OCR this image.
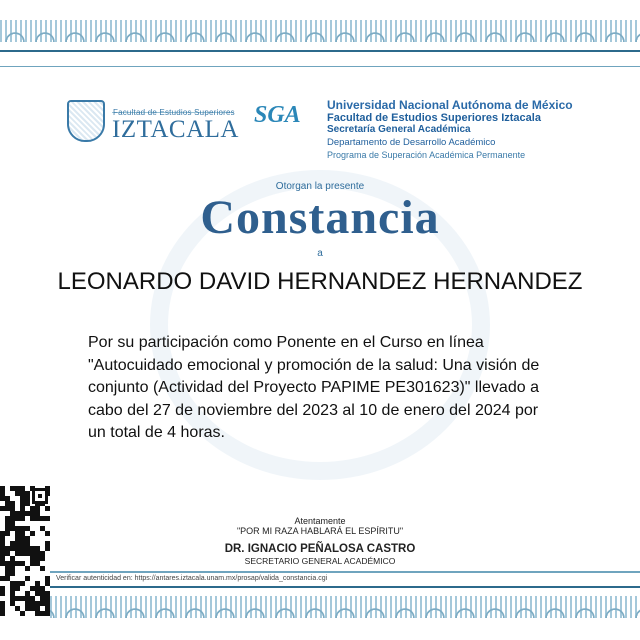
Facultad de Estudios Superiores
IZTACALA
SGA Universidad Nacional Autónoma de México
Facultad de Estudios Superiores Iztacala
Secretaría General Académica
Departamento de Desarrollo Académico
Programa de Superación Académica Permanente
Otorgan la presente
Constancia
a
LEONARDO DAVID HERNANDEZ HERNANDEZ
Por su participación como Ponente en el Curso en línea "Autocuidado emocional y promoción de la salud: Una visión de conjunto (Actividad del Proyecto PAPIME PE301623)" llevado a cabo del 27 de noviembre del 2023 al 10 de enero del 2024 por un total de 4 horas.
Atentamente
"POR MI RAZA HABLARÁ EL ESPÍRITU"
DR. IGNACIO PEÑALOSA CASTRO
SECRETARIO GENERAL ACADÉMICO
Verificar autenticidad en: https://antares.iztacala.unam.mx/prosap/valida_constancia.cgi
